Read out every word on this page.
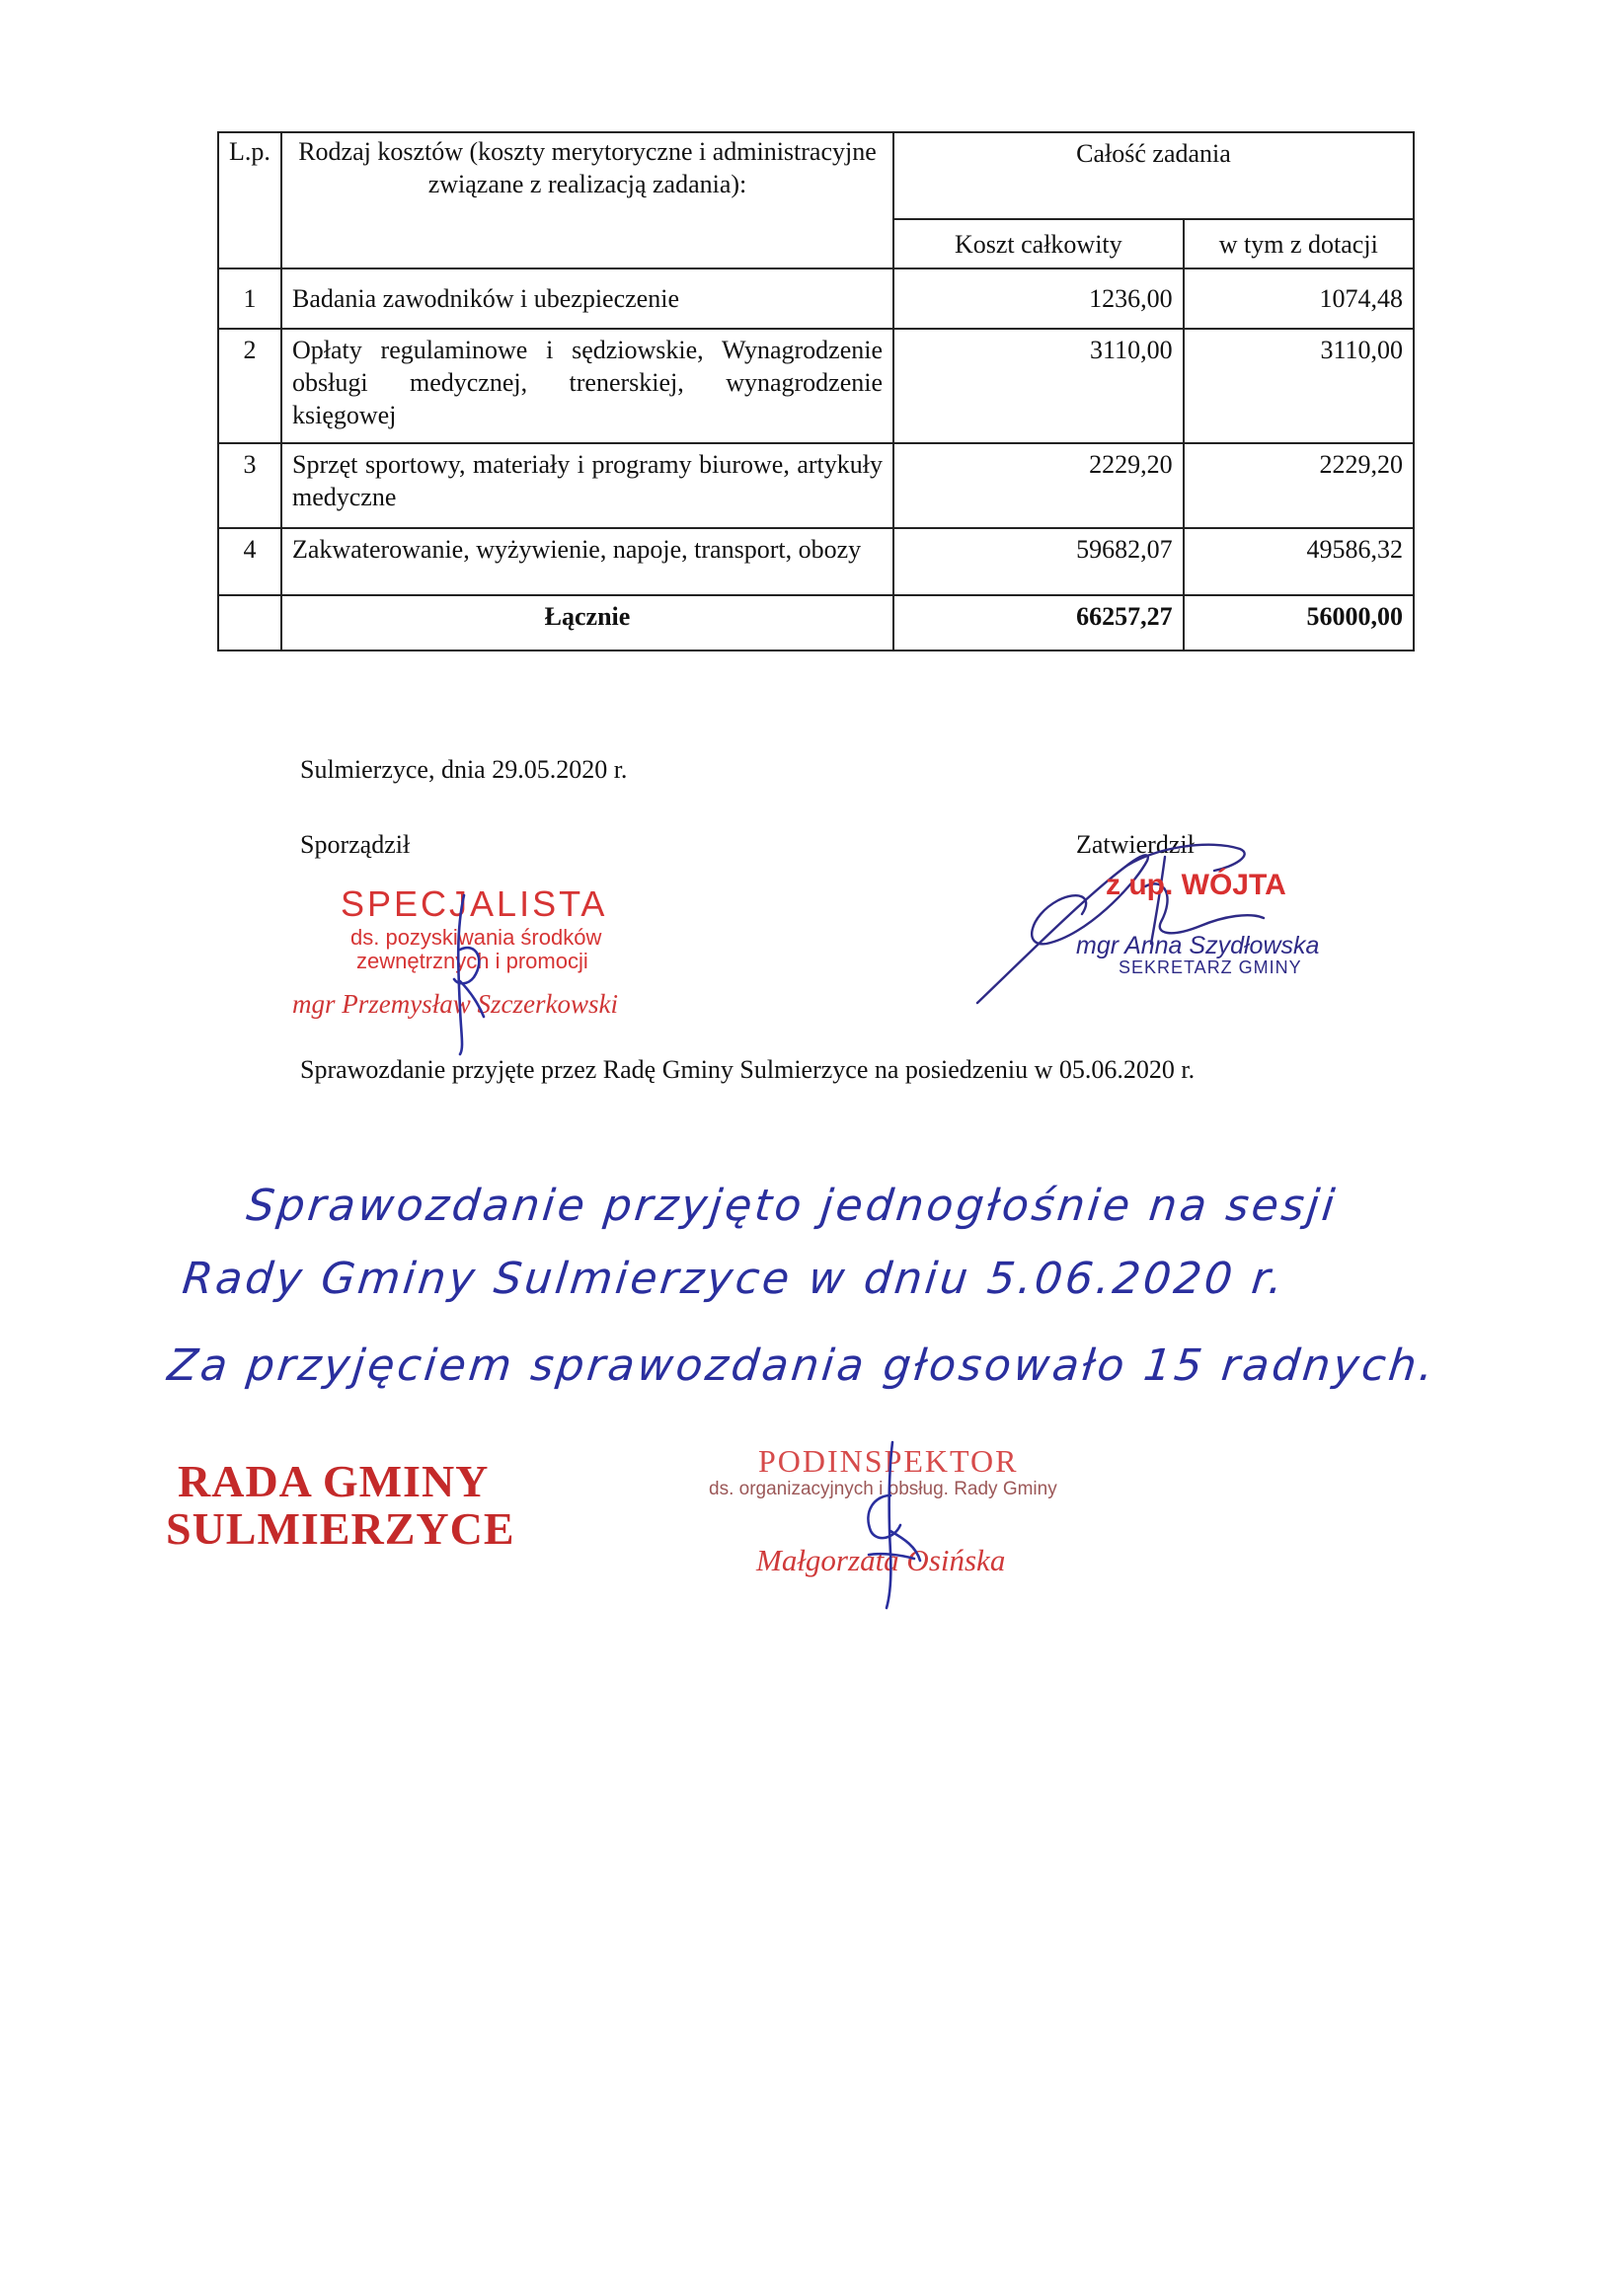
L.p.	Rodzaj kosztów (koszty merytoryczne i administracyjne związane z realizacją zadania):	Całość zadania	
		Koszt całkowity	w tym z dotacji
1	Badania zawodników i ubezpieczenie	1236,00	1074,48
2	Opłaty regulaminowe i sędziowskie, Wynagrodzenie obsługi medycznej, trenerskiej, wynagrodzenie księgowej	3110,00	3110,00
3	Sprzęt sportowy, materiały i programy biurowe, artykuły medyczne	2229,20	2229,20
4	Zakwaterowanie, wyżywienie, napoje, transport, obozy	59682,07	49586,32
	Łącznie	66257,27	56000,00
Sulmierzyce, dnia 29.05.2020 r.
Sporządził	Zatwierdził
SPECJALISTA
ds. pozyskiwania środków
zewnętrznych i promocji
mgr Przemysław Szczerkowski
z up. WÓJTA
mgr Anna Szydłowska
SEKRETARZ GMINY
Sprawozdanie przyjęte przez Radę Gminy Sulmierzyce na posiedzeniu w 05.06.2020 r.
Sprawozdanie przyjęto jednogłośnie na sesji
Rady Gminy Sulmierzyce w dniu 5.06.2020 r.
Za przyjęciem sprawozdania głosowało 15 radnych.
RADA GMINY
SULMIERZYCE
PODINSPEKTOR
ds. organizacyjnych i obsług. Rady Gminy
Małgorzata Osińska
